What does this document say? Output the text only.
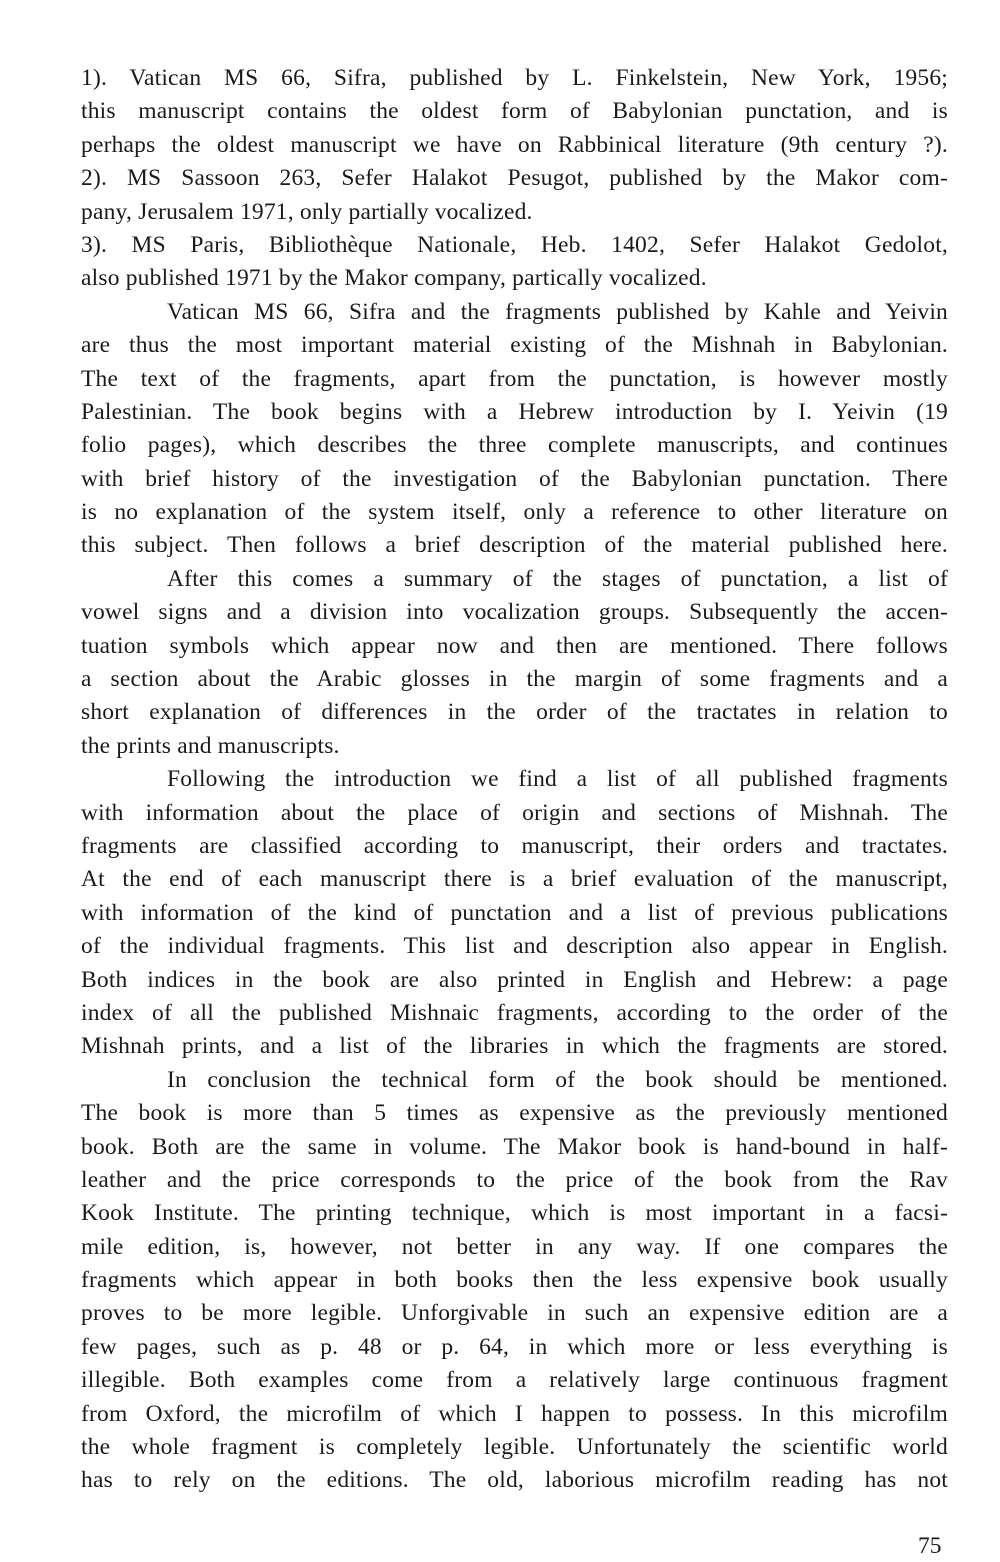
1). Vatican MS 66, Sifra, published by L. Finkelstein, New York, 1956;
this manuscript contains the oldest form of Babylonian punctation, and is
perhaps the oldest manuscript we have on Rabbinical literature (9th century ?).
2). MS Sassoon 263, Sefer Halakot Pesugot, published by the Makor com-
pany, Jerusalem 1971, only partially vocalized.
3). MS Paris, Bibliothèque Nationale, Heb. 1402, Sefer Halakot Gedolot,
also published 1971 by the Makor company, partically vocalized.
Vatican MS 66, Sifra and the fragments published by Kahle and Yeivin
are thus the most important material existing of the Mishnah in Babylonian.
The text of the fragments, apart from the punctation, is however mostly
Palestinian. The book begins with a Hebrew introduction by I. Yeivin (19
folio pages), which describes the three complete manuscripts, and continues
with brief history of the investigation of the Babylonian punctation. There
is no explanation of the system itself, only a reference to other literature on
this subject. Then follows a brief description of the material published here.
After this comes a summary of the stages of punctation, a list of
vowel signs and a division into vocalization groups. Subsequently the accen-
tuation symbols which appear now and then are mentioned. There follows
a section about the Arabic glosses in the margin of some fragments and a
short explanation of differences in the order of the tractates in relation to
the prints and manuscripts.
Following the introduction we find a list of all published fragments
with information about the place of origin and sections of Mishnah. The
fragments are classified according to manuscript, their orders and tractates.
At the end of each manuscript there is a brief evaluation of the manuscript,
with information of the kind of punctation and a list of previous publications
of the individual fragments. This list and description also appear in English.
Both indices in the book are also printed in English and Hebrew: a page
index of all the published Mishnaic fragments, according to the order of the
Mishnah prints, and a list of the libraries in which the fragments are stored.
In conclusion the technical form of the book should be mentioned.
The book is more than 5 times as expensive as the previously mentioned
book. Both are the same in volume. The Makor book is hand-bound in half-
leather and the price corresponds to the price of the book from the Rav
Kook Institute. The printing technique, which is most important in a facsi-
mile edition, is, however, not better in any way. If one compares the
fragments which appear in both books then the less expensive book usually
proves to be more legible. Unforgivable in such an expensive edition are a
few pages, such as p. 48 or p. 64, in which more or less everything is
illegible. Both examples come from a relatively large continuous fragment
from Oxford, the microfilm of which I happen to possess. In this microfilm
the whole fragment is completely legible. Unfortunately the scientific world
has to rely on the editions. The old, laborious microfilm reading has not
75
